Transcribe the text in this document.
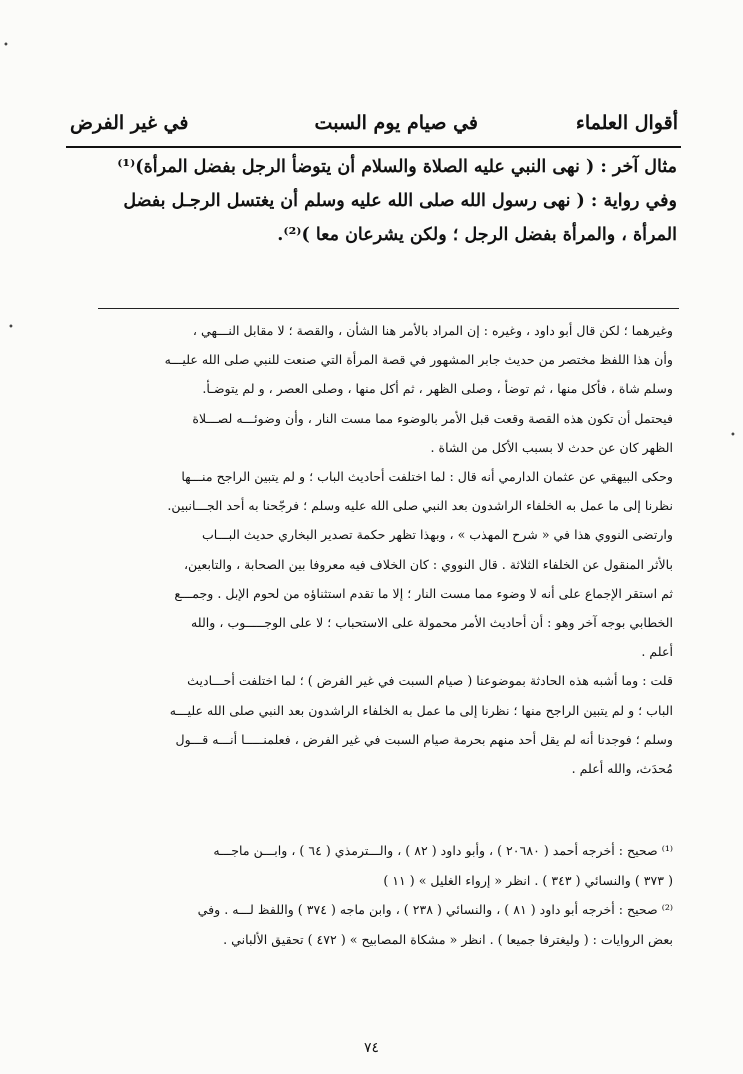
•
•
•
أقوال العلماء
في صيام يوم السبت
في غير الفرض

مثال آخر : ( نهى النبي عليه الصلاة والسلام أن يتوضأ الرجل بفضل المرأة)⁽¹⁾

وفي رواية : ( نهى رسول الله صلى الله عليه وسلم أن يغتسل الرجـل بفضل

المرأة ، والمرأة بفضل الرجل ؛ ولكن يشرعان معا )⁽²⁾.

وغيرهما ؛ لكن قال أبو داود ، وغيره : إن المراد بالأمر هنا الشأن ، والقصة ؛ لا مقابل النـــهي ،

وأن هذا اللفظ مختصر من حديث جابر المشهور في قصة المرأة التي صنعت للنبي صلى الله عليـــه

وسلم شاة ، فأكل منها ، ثم توضأ ، وصلى الظهر ، ثم أكل منها ، وصلى العصر ، و لم يتوضـأ.

فيحتمل أن تكون هذه القصة وقعت قبل الأمر بالوضوء مما مست النار ، وأن وضوئـــه لصـــلاة

الظهر كان عن حدث لا بسبب الأكل من الشاة .

وحكى البيهقي عن عثمان الدارمي أنه قال : لما اختلفت أحاديث الباب ؛ و لم يتبين الراجح منـــها

نظرنا إلى ما عمل به الخلفاء الراشدون بعد النبي صلى الله عليه وسلم ؛ فرجّحنا به أحد الجـــانبين.

وارتضى النووي هذا في « شرح المهذب » ، وبهذا تظهر حكمة تصدير البخاري حديث البـــاب

بالأثر المنقول عن الخلفاء الثلاثة . قال النووي : كان الخلاف فيه معروفا بين الصحابة ، والتابعين،

ثم استقر الإجماع على أنه لا وضوء مما مست النار ؛ إلا ما تقدم استثناؤه من لحوم الإبل . وجمـــع

الخطابي بوجه آخر وهو : أن أحاديث الأمر محمولة على الاستحباب ؛ لا على الوجـــــوب ، والله

أعلم .

قلت : وما أشبه هذه الحادثة بموضوعنا ( صيام السبت في غير الفرض ) ؛ لما اختلفت أحـــاديث

الباب ؛ و لم يتبين الراجح منها ؛ نظرنا إلى ما عمل به الخلفاء الراشدون بعد النبي صلى الله عليـــه

وسلم ؛ فوجدنا أنه لم يقل أحد منهم بحرمة صيام السبت في غير الفرض ، فعلمنـــــا أنـــه قـــول

مُحدَث، والله أعلم .

⁽¹⁾ صحيح : أخرجه أحمد ( ٢٠٦٨٠ ) ، وأبو داود ( ٨٢ ) ، والـــترمذي ( ٦٤ ) ، وابـــن ماجـــه

( ٣٧٣ ) والنسائي ( ٣٤٣ ) . انظر « إرواء الغليل » ( ١١ )

⁽²⁾ صحيح : أخرجه أبو داود ( ٨١ ) ، والنسائي ( ٢٣٨ ) ، وابن ماجه ( ٣٧٤ ) واللفظ لـــه . وفي

بعض الروايات : ( وليغترفا جميعا ) . انظر « مشكاة المصابيح » ( ٤٧٢ ) تحقيق الألباني .

٧٤
